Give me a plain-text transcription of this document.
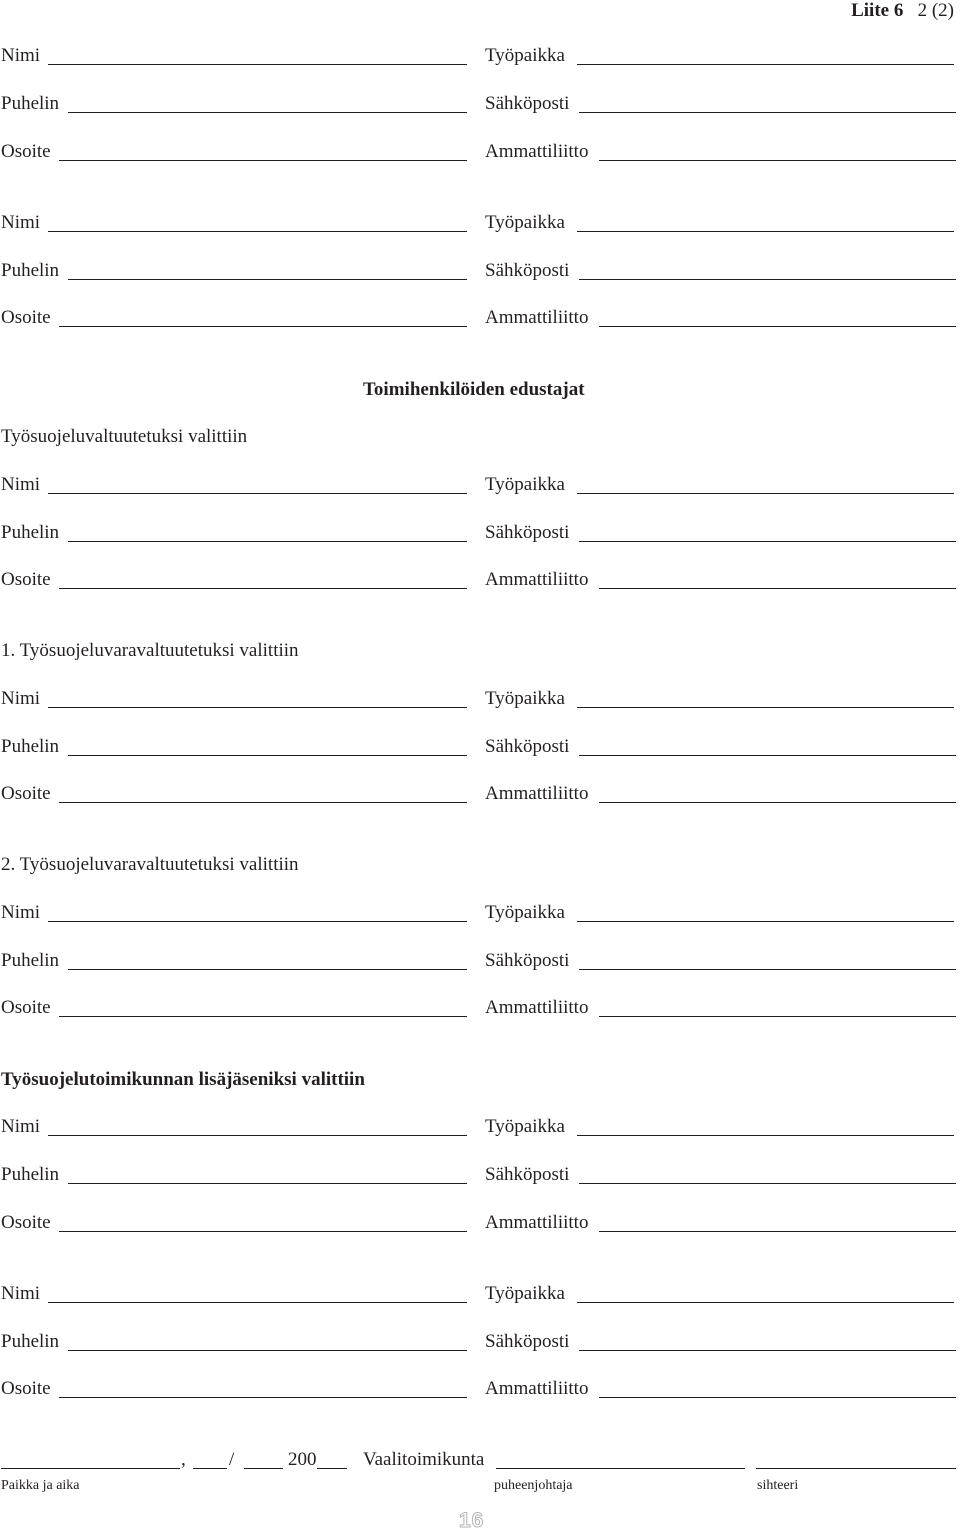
Liite 6 2 (2)
Nimi	Työpaikka
Puhelin	Sähköposti
Osoite	Ammattiliitto
Nimi	Työpaikka
Puhelin	Sähköposti
Osoite	Ammattiliitto
Toimihenkilöiden edustajat
Työsuojeluvaltuutetuksi valittiin
Nimi	Työpaikka
Puhelin	Sähköposti
Osoite	Ammattiliitto
1. Työsuojeluvaravaltuutetuksi valittiin
Nimi	Työpaikka
Puhelin	Sähköposti
Osoite	Ammattiliitto
2. Työsuojeluvaravaltuutetuksi valittiin
Nimi	Työpaikka
Puhelin	Sähköposti
Osoite	Ammattiliitto
Työsuojelutoimikunnan lisäjäseniksi valittiin
Nimi	Työpaikka
Puhelin	Sähköposti
Osoite	Ammattiliitto
Nimi	Työpaikka
Puhelin	Sähköposti
Osoite	Ammattiliitto
, /	200 Vaalitoimikunta
Paikka ja aika	puheenjohtaja	sihteeri
16
